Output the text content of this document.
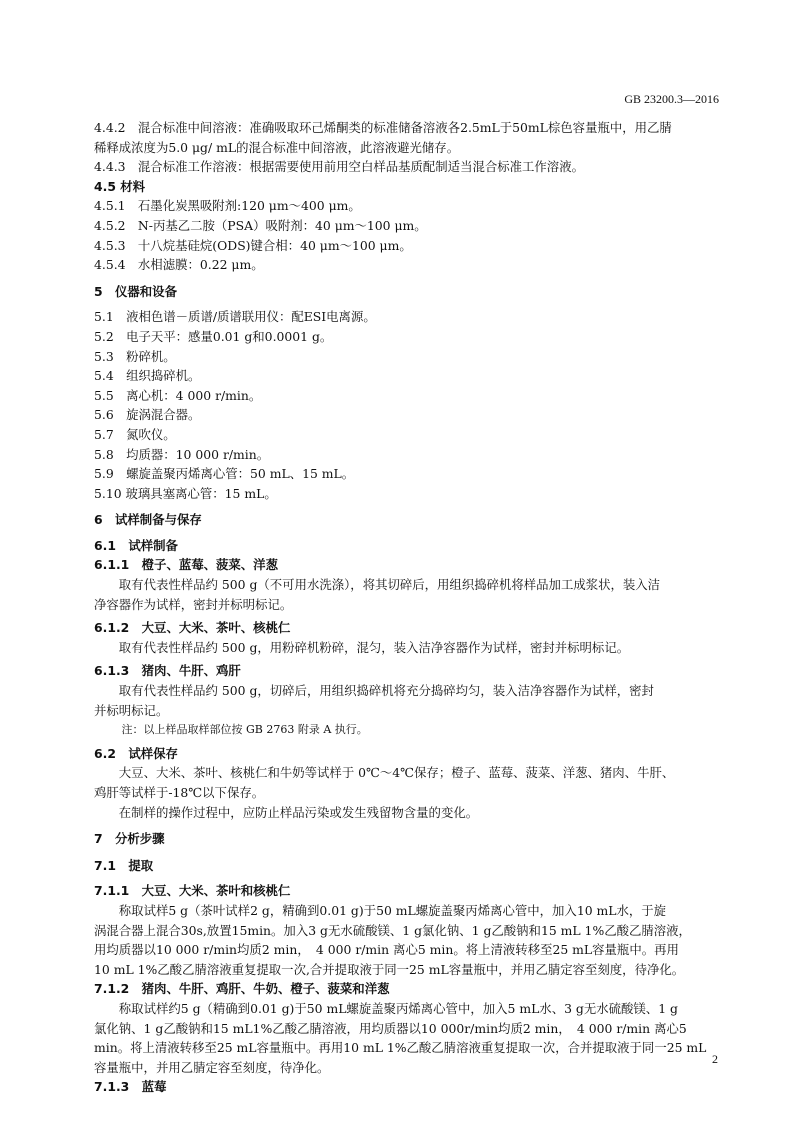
GB 23200.3—2016
4.4.2　混合标准中间溶液：准确吸取环己烯酮类的标准储备溶液各2.5mL于50mL棕色容量瓶中，用乙腈
稀释成浓度为5.0 μg/ mL的混合标准中间溶液，此溶液避光储存。
4.4.3　混合标准工作溶液：根据需要使用前用空白样品基质配制适当混合标准工作溶液。
4.5 材料
4.5.1　石墨化炭黑吸附剂:120 μm～400 μm。
4.5.2　N-丙基乙二胺（PSA）吸附剂：40 μm～100 μm。
4.5.3　十八烷基硅烷(ODS)键合相：40 μm～100 μm。
4.5.4　水相滤膜：0.22 μm。
5　仪器和设备
5.1　液相色谱－质谱/质谱联用仪：配ESI电离源。
5.2　电子天平：感量0.01 g和0.0001 g。
5.3　粉碎机。
5.4　组织捣碎机。
5.5　离心机：4 000 r/min。
5.6　旋涡混合器。
5.7　氮吹仪。
5.8　均质器：10 000 r/min。
5.9　螺旋盖聚丙烯离心管：50 mL、15 mL。
5.10 玻璃具塞离心管：15 mL。
6　试样制备与保存
6.1　试样制备
6.1.1　橙子、蓝莓、菠菜、洋葱
取有代表性样品约 500 g（不可用水洗涤），将其切碎后，用组织捣碎机将样品加工成浆状，装入洁
净容器作为试样，密封并标明标记。
6.1.2　大豆、大米、茶叶、核桃仁
取有代表性样品约 500 g，用粉碎机粉碎，混匀，装入洁净容器作为试样，密封并标明标记。
6.1.3　猪肉、牛肝、鸡肝
取有代表性样品约 500 g，切碎后，用组织捣碎机将充分捣碎均匀，装入洁净容器作为试样，密封
并标明标记。
注：以上样品取样部位按 GB 2763 附录 A 执行。
6.2　试样保存
大豆、大米、茶叶、核桃仁和牛奶等试样于 0℃～4℃保存；橙子、蓝莓、菠菜、洋葱、猪肉、牛肝、
鸡肝等试样于-18℃以下保存。
在制样的操作过程中，应防止样品污染或发生残留物含量的变化。
7　分析步骤
7.1　提取
7.1.1　大豆、大米、茶叶和核桃仁
称取试样5 g（茶叶试样2 g，精确到0.01 g)于50 mL螺旋盖聚丙烯离心管中，加入10 mL水，于旋
涡混合器上混合30s,放置15min。加入3 g无水硫酸镁、1 g氯化钠、1 g乙酸钠和15 mL 1%乙酸乙腈溶液，
用均质器以10 000 r/min均质2 min，　4 000 r/min 离心5 min。将上清液转移至25 mL容量瓶中。再用
10 mL 1%乙酸乙腈溶液重复提取一次,合并提取液于同一25 mL容量瓶中，并用乙腈定容至刻度，待净化。
7.1.2　猪肉、牛肝、鸡肝、牛奶、橙子、菠菜和洋葱
称取试样约5 g（精确到0.01 g)于50 mL螺旋盖聚丙烯离心管中，加入5 mL水、3 g无水硫酸镁、1 g
氯化钠、1 g乙酸钠和15 mL1%乙酸乙腈溶液，用均质器以10 000r/min均质2 min，　4 000 r/min 离心5
min。将上清液转移至25 mL容量瓶中。再用10 mL 1%乙酸乙腈溶液重复提取一次，合并提取液于同一25 mL
容量瓶中，并用乙腈定容至刻度，待净化。
7.1.3　蓝莓
2
